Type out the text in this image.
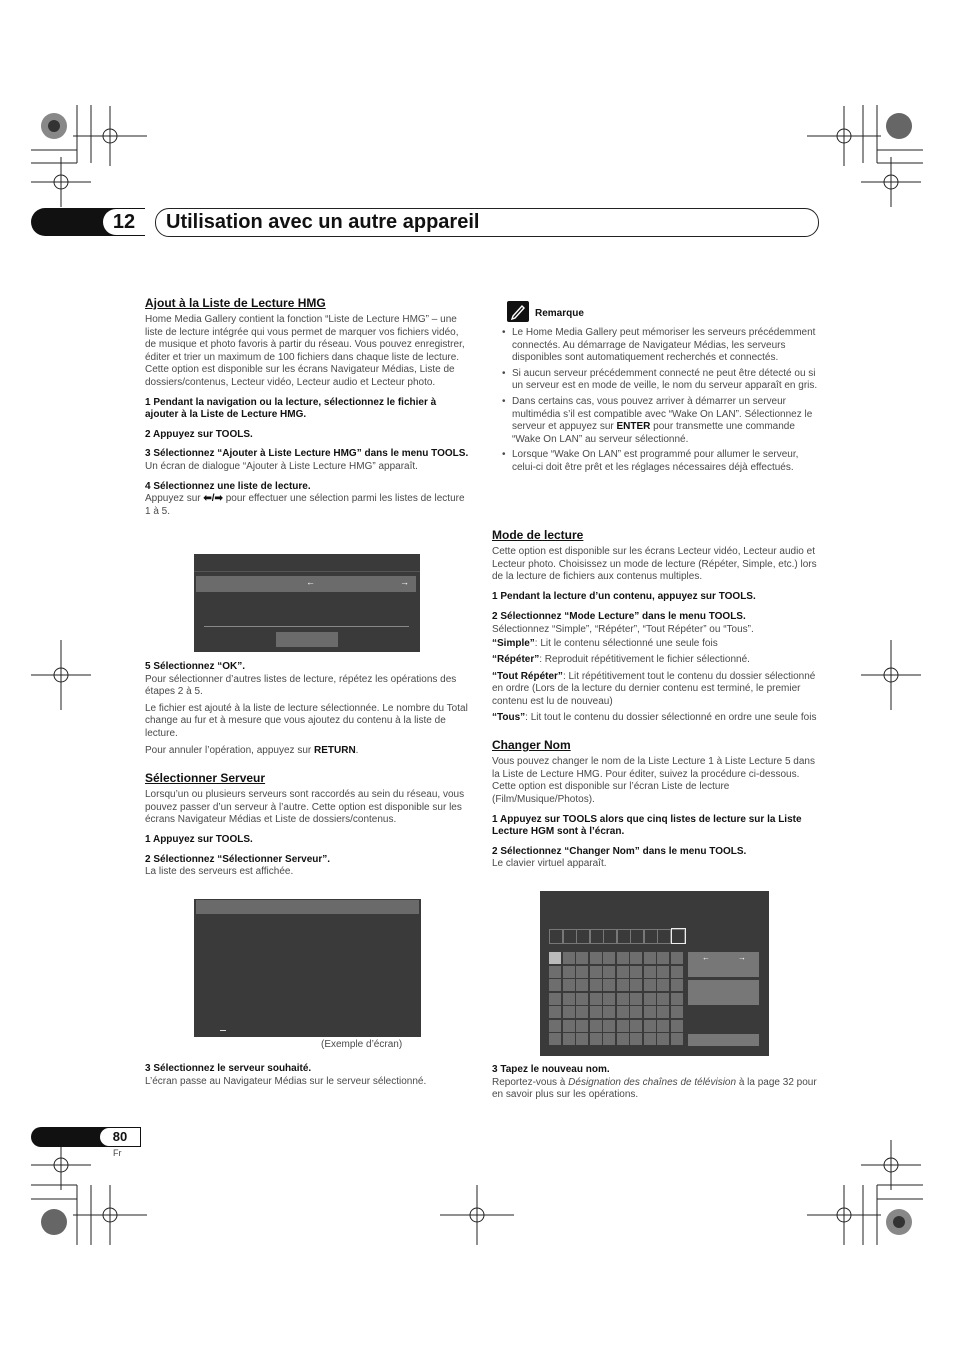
12	Utilisation avec un autre appareil

Ajout à la Liste de Lecture HMG

Home Media Gallery contient la fonction “Liste de Lecture HMG” – une liste de lecture intégrée qui vous permet de marquer vos fichiers vidéo, de musique et photo favoris à partir du réseau. Vous pouvez enregistrer, éditer et trier un maximum de 100 fichiers dans chaque liste de lecture. Cette option est disponible sur les écrans Navigateur Médias, Liste de dossiers/contenus, Lecteur vidéo, Lecteur audio et Lecteur photo.

1 Pendant la navigation ou la lecture, sélectionnez le fichier à ajouter à la Liste de Lecture HMG.

2 Appuyez sur TOOLS.

3 Sélectionnez “Ajouter à Liste Lecture HMG” dans le menu TOOLS.

Un écran de dialogue “Ajouter à Liste Lecture HMG” apparaît.

4 Sélectionnez une liste de lecture.

Appuyez sur ⬅/➡ pour effectuer une sélection parmi les listes de lecture 1 à 5.

←	→

5 Sélectionnez “OK”.

Pour sélectionner d’autres listes de lecture, répétez les opérations des étapes 2 à 5.

Le fichier est ajouté à la liste de lecture sélectionnée. Le nombre du Total change au fur et à mesure que vous ajoutez du contenu à la liste de lecture.

Pour annuler l’opération, appuyez sur RETURN.

Sélectionner Serveur

Lorsqu’un ou plusieurs serveurs sont raccordés au sein du réseau, vous pouvez passer d’un serveur à l’autre. Cette option est disponible sur les écrans Navigateur Médias et Liste de dossiers/contenus.

1 Appuyez sur TOOLS.

2 Sélectionnez “Sélectionner Serveur”.

La liste des serveurs est affichée.

(Exemple d’écran)

3 Sélectionnez le serveur souhaité.

L’écran passe au Navigateur Médias sur le serveur sélectionné.

Remarque
• Le Home Media Gallery peut mémoriser les serveurs précédemment connectés. Au démarrage de Navigateur Médias, les serveurs disponibles sont automatiquement recherchés et connectés.
• Si aucun serveur précédemment connecté ne peut être détecté ou si un serveur est en mode de veille, le nom du serveur apparaît en gris.
• Dans certains cas, vous pouvez arriver à démarrer un serveur multimédia s’il est compatible avec “Wake On LAN”. Sélectionnez le serveur et appuyez sur ENTER pour transmette une commande “Wake On LAN” au serveur sélectionné.
• Lorsque “Wake On LAN” est programmé pour allumer le serveur, celui-ci doit être prêt et les réglages nécessaires déjà effectués.

Mode de lecture

Cette option est disponible sur les écrans Lecteur vidéo, Lecteur audio et Lecteur photo. Choisissez un mode de lecture (Répéter, Simple, etc.) lors de la lecture de fichiers aux contenus multiples.

1 Pendant la lecture d’un contenu, appuyez sur TOOLS.

2 Sélectionnez “Mode Lecture” dans le menu TOOLS.

Sélectionnez “Simple”, “Répéter”, “Tout Répéter” ou “Tous”.

“Simple”: Lit le contenu sélectionné une seule fois

“Répéter”: Reproduit répétitivement le fichier sélectionné.

“Tout Répéter”: Lit répétitivement tout le contenu du dossier sélectionné en ordre (Lors de la lecture du dernier contenu est terminé, le premier contenu est lu de nouveau)

“Tous”: Lit tout le contenu du dossier sélectionné en ordre une seule fois

Changer Nom

Vous pouvez changer le nom de la Liste Lecture 1 à Liste Lecture 5 dans la Liste de Lecture HMG. Pour éditer, suivez la procédure ci-dessous. Cette option est disponible sur l’écran Liste de lecture (Film/Musique/Photos).

1 Appuyez sur TOOLS alors que cinq listes de lecture sur la Liste Lecture HGM sont à l’écran.

2 Sélectionnez “Changer Nom” dans le menu TOOLS.

Le clavier virtuel apparaît.

←	→

3 Tapez le nouveau nom.

Reportez-vous à Désignation des chaînes de télévision à la page 32 pour en savoir plus sur les opérations.

80
Fr
